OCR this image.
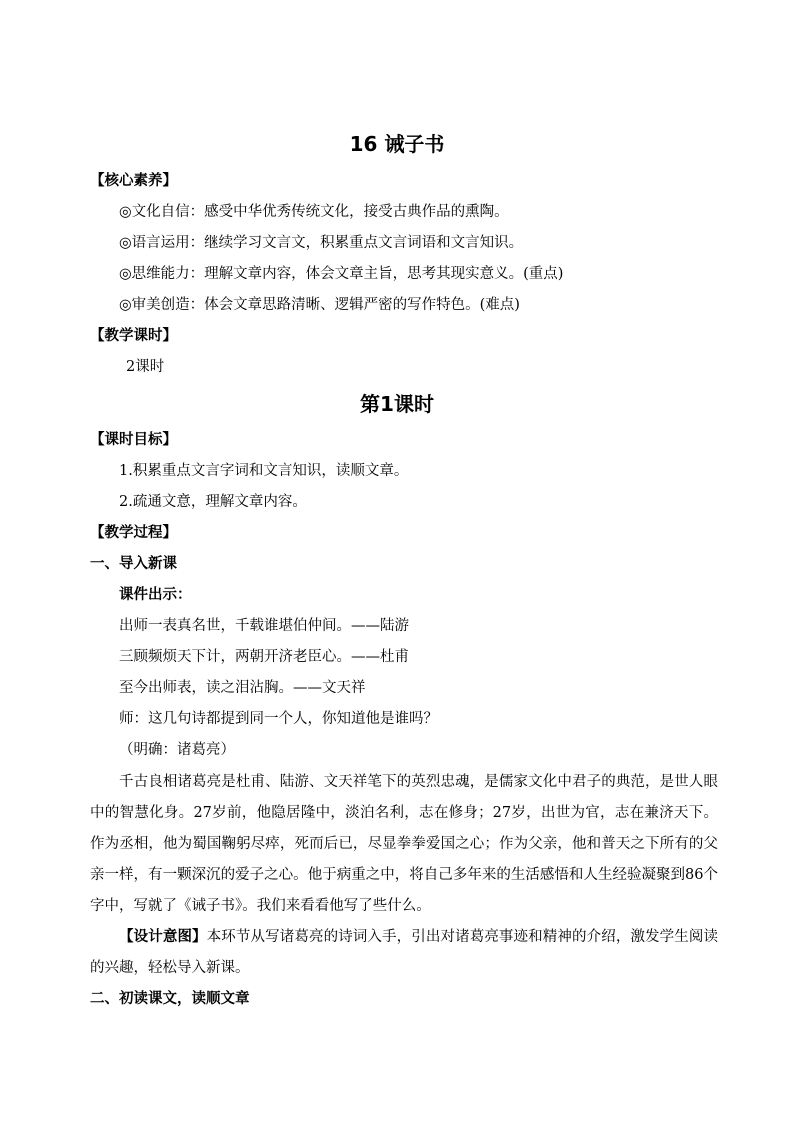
16 诫子书
【核心素养】
◎文化自信：感受中华优秀传统文化，接受古典作品的熏陶。
◎语言运用：继续学习文言文，积累重点文言词语和文言知识。
◎思维能力：理解文章内容，体会文章主旨，思考其现实意义。(重点)
◎审美创造：体会文章思路清晰、逻辑严密的写作特色。(难点)
【教学课时】
2课时
第1课时
【课时目标】
1.积累重点文言字词和文言知识，读顺文章。
2.疏通文意，理解文章内容。
【教学过程】
一、导入新课
课件出示：
出师一表真名世，千载谁堪伯仲间。——陆游
三顾频烦天下计，两朝开济老臣心。——杜甫
至今出师表，读之泪沾胸。——文天祥
师：这几句诗都提到同一个人，你知道他是谁吗？
（明确：诸葛亮）
千古良相诸葛亮是杜甫、陆游、文天祥笔下的英烈忠魂，是儒家文化中君子的典范，是世人眼中的智慧化身。27岁前，他隐居隆中，淡泊名利，志在修身；27岁，出世为官，志在兼济天下。作为丞相，他为蜀国鞠躬尽瘁，死而后已，尽显拳拳爱国之心；作为父亲，他和普天之下所有的父亲一样，有一颗深沉的爱子之心。他于病重之中，将自己多年来的生活感悟和人生经验凝聚到86个字中，写就了《诫子书》。我们来看看他写了些什么。
【设计意图】本环节从写诸葛亮的诗词入手，引出对诸葛亮事迹和精神的介绍，激发学生阅读的兴趣，轻松导入新课。
二、初读课文，读顺文章
